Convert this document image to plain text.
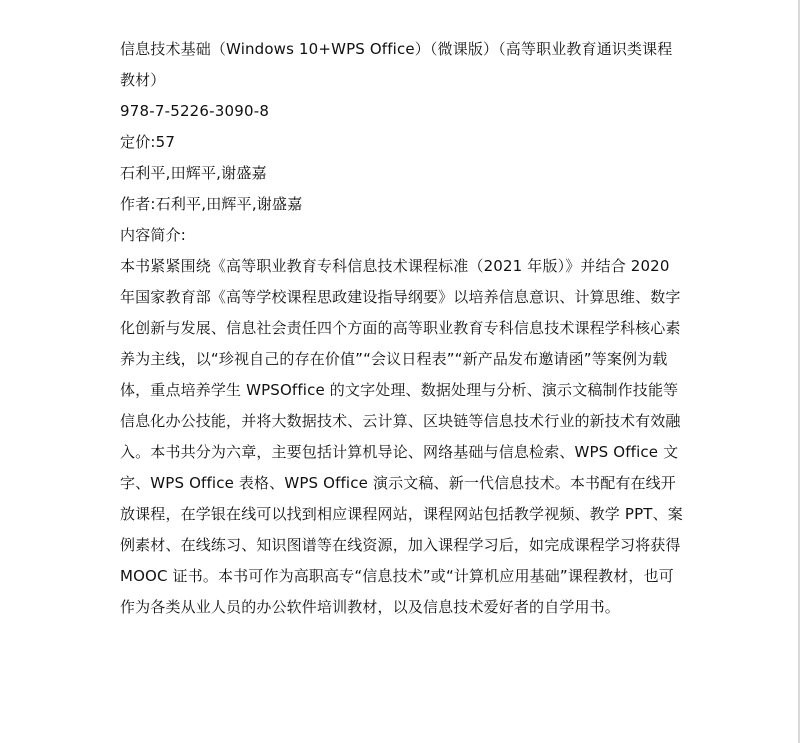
信息技术基础（Windows 10+WPS Office）（微课版）（高等职业教育通识类课程教材）
978-7-5226-3090-8
定价:57
石利平,田辉平,谢盛嘉
作者:石利平,田辉平,谢盛嘉
内容简介:
本书紧紧围绕《高等职业教育专科信息技术课程标准（2021 年版）》并结合 2020 年国家教育部《高等学校课程思政建设指导纲要》以培养信息意识、计算思维、数字化创新与发展、信息社会责任四个方面的高等职业教育专科信息技术课程学科核心素养为主线，以“珍视自己的存在价值”“会议日程表”“新产品发布邀请函”等案例为载体，重点培养学生 WPSOffice 的文字处理、数据处理与分析、演示文稿制作技能等信息化办公技能，并将大数据技术、云计算、区块链等信息技术行业的新技术有效融入。本书共分为六章，主要包括计算机导论、网络基础与信息检索、WPS Office 文字、WPS Office 表格、WPS Office 演示文稿、新一代信息技术。本书配有在线开放课程，在学银在线可以找到相应课程网站，课程网站包括教学视频、教学 PPT、案例素材、在线练习、知识图谱等在线资源，加入课程学习后，如完成课程学习将获得 MOOC 证书。本书可作为高职高专“信息技术”或“计算机应用基础”课程教材，也可作为各类从业人员的办公软件培训教材，以及信息技术爱好者的自学用书。
